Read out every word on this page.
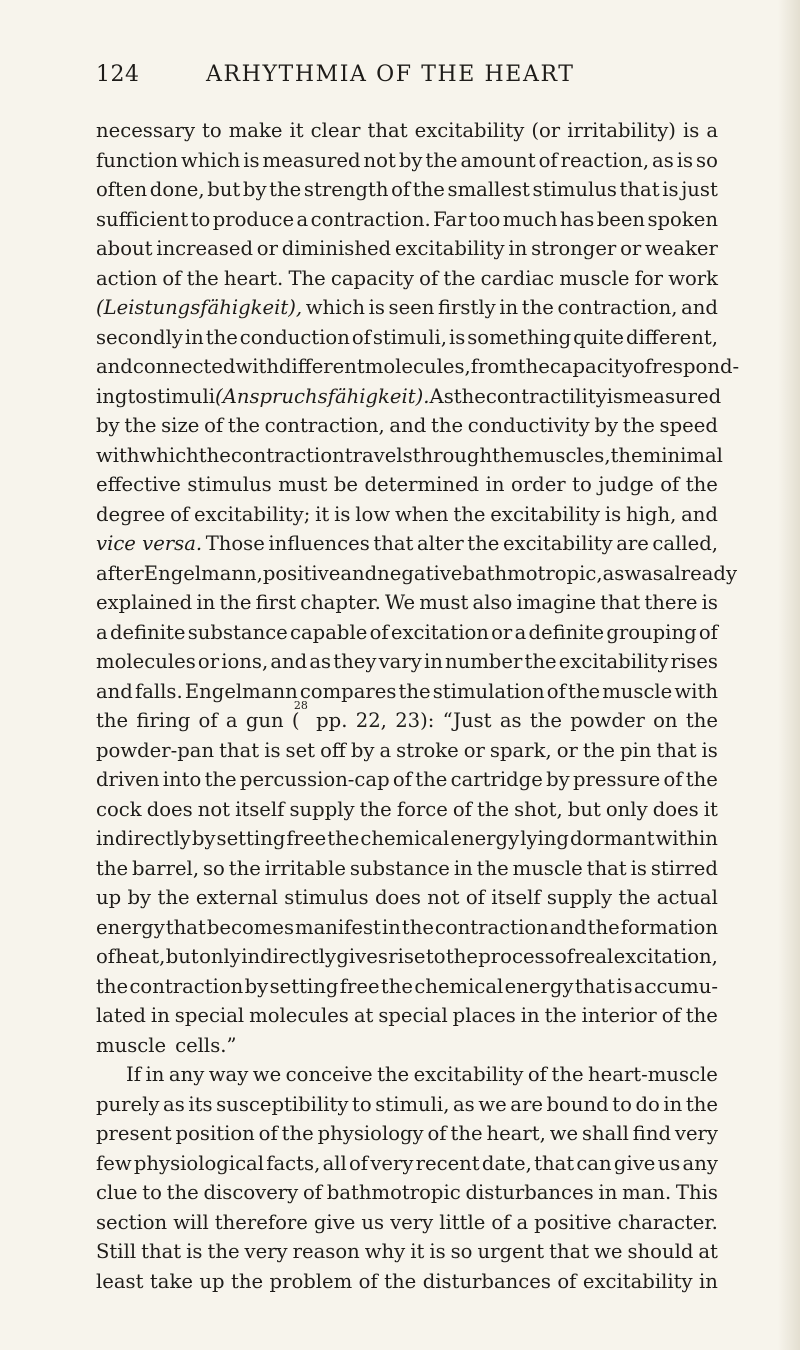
124	ARHYTHMIA OF THE HEART
necessary to make it clear that excitability (or irritability) is a
function which is measured not by the amount of reaction, as is so
often done, but by the strength of the smallest stimulus that is just
sufficient to produce a contraction. Far too much has been spoken
about increased or diminished excitability in stronger or weaker
action of the heart. The capacity of the cardiac muscle for work
(Leistungsfähigkeit), which is seen firstly in the contraction, and
secondly in the conduction of stimuli, is something quite different,
and connected with different molecules, from the capacity of respond-
ing to stimuli (Anspruchsfähigkeit). As the contractility is measured
by the size of the contraction, and the conductivity by the speed
with which the contraction travels through the muscles, the minimal
effective stimulus must be determined in order to judge of the
degree of excitability; it is low when the excitability is high, and
vice versa. Those influences that alter the excitability are called,
after Engelmann, positive and negative bathmotropic, as was already
explained in the first chapter. We must also imagine that there is
a definite substance capable of excitation or a definite grouping of
molecules or ions, and as they vary in number the excitability rises
and falls. Engelmann compares the stimulation of the muscle with
the firing of a gun (
28
pp. 22, 23): “Just as the powder on the
powder-pan that is set off by a stroke or spark, or the pin that is
driven into the percussion-cap of the cartridge by pressure of the
cock does not itself supply the force of the shot, but only does it
indirectly by setting free the chemical energy lying dormant within
the barrel, so the irritable substance in the muscle that is stirred
up by the external stimulus does not of itself supply the actual
energy that becomes manifest in the contraction and the formation
of heat, but only indirectly gives rise to the process of real excitation,
the contraction by setting free the chemical energy that is accumu-
lated in special molecules at special places in the interior of the
muscle
cells.”
If in any way we conceive the excitability of the heart-muscle
purely as its susceptibility to stimuli, as we are bound to do in the
present position of the physiology of the heart, we shall find very
few physiological facts, all of very recent date, that can give us any
clue to the discovery of bathmotropic disturbances in man. This
section will therefore give us very little of a positive character.
Still that is the very reason why it is so urgent that we should at
least take up the problem of the disturbances of excitability in
